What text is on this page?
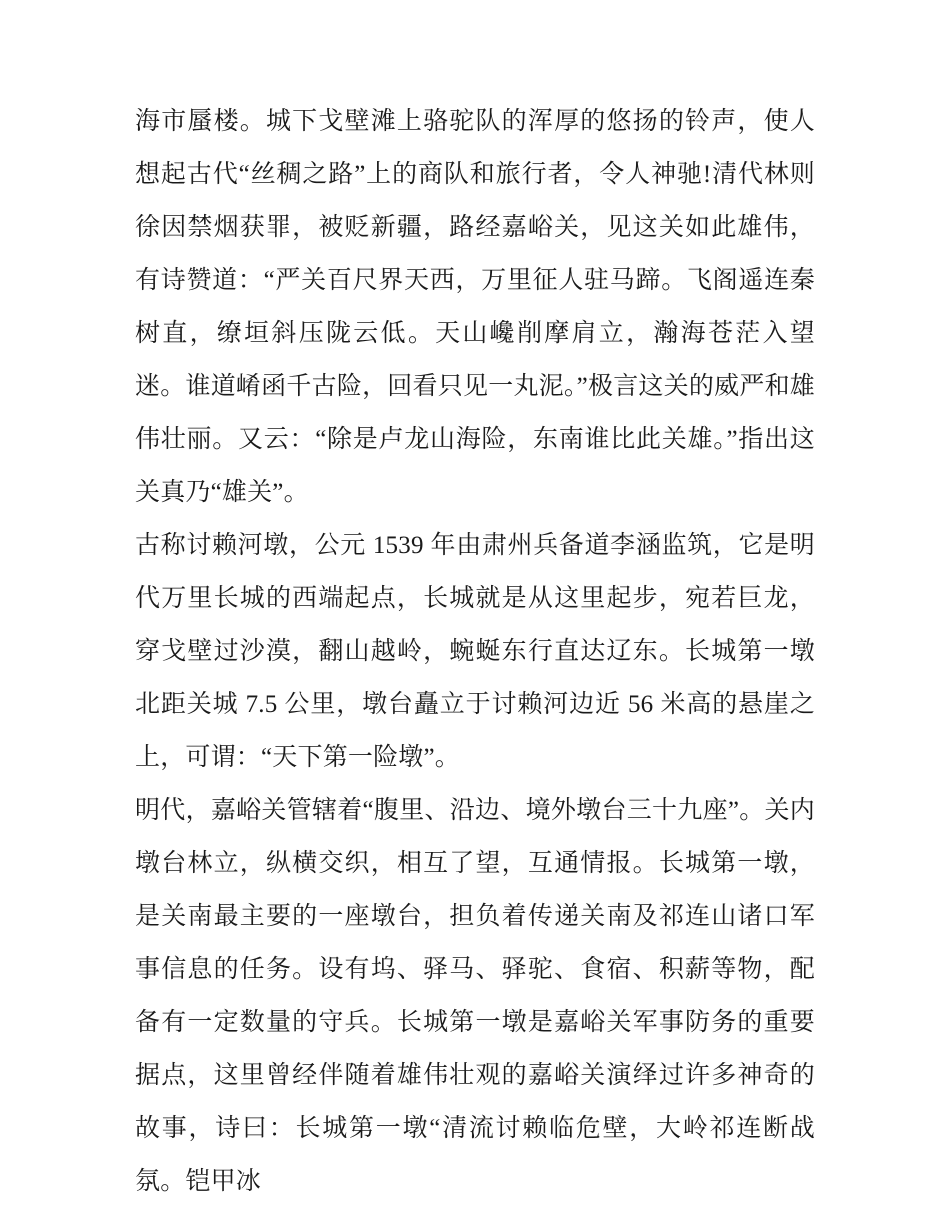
海市蜃楼。城下戈壁滩上骆驼队的浑厚的悠扬的铃声，使人想起古代“丝稠之路”上的商队和旅行者，令人神驰!清代林则徐因禁烟获罪，被贬新疆，路经嘉峪关，见这关如此雄伟，有诗赞道：“严关百尺界天西，万里征人驻马蹄。飞阁遥连秦树直，缭垣斜压陇云低。天山巉削摩肩立，瀚海苍茫入望迷。谁道崤函千古险，回看只见一丸泥。”极言这关的威严和雄伟壮丽。又云：“除是卢龙山海险，东南谁比此关雄。”指出这关真乃“雄关”。

古称讨赖河墩，公元 1539 年由肃州兵备道李涵监筑，它是明代万里长城的西端起点，长城就是从这里起步，宛若巨龙，穿戈壁过沙漠，翻山越岭，蜿蜒东行直达辽东。长城第一墩北距关城 7.5 公里，墩台矗立于讨赖河边近 56 米高的悬崖之上，可谓：“天下第一险墩”。

明代，嘉峪关管辖着“腹里、沿边、境外墩台三十九座”。关内墩台林立，纵横交织，相互了望，互通情报。长城第一墩，是关南最主要的一座墩台，担负着传递关南及祁连山诸口军事信息的任务。设有坞、驿马、驿驼、食宿、积薪等物，配备有一定数量的守兵。长城第一墩是嘉峪关军事防务的重要据点，这里曾经伴随着雄伟壮观的嘉峪关演绎过许多神奇的故事，诗曰：长城第一墩“清流讨赖临危壁，大岭祁连断战氛。铠甲冰
